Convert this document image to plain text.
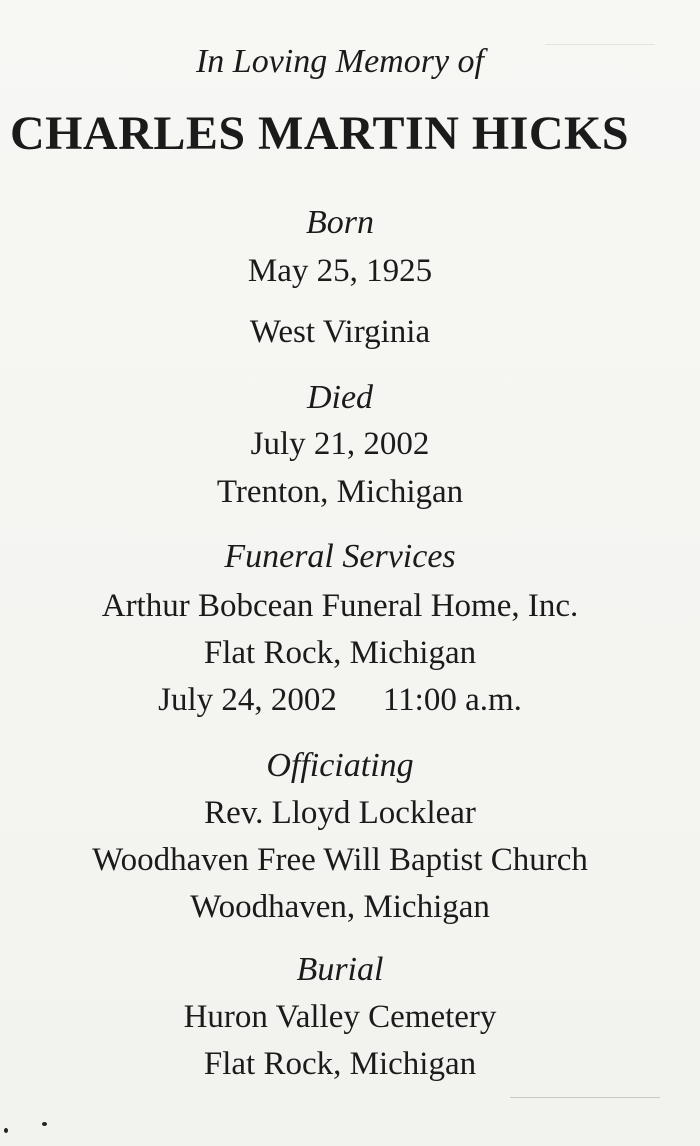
In Loving Memory of
CHARLES MARTIN HICKS
Born
May 25, 1925
West Virginia
Died
July 21, 2002
Trenton, Michigan
Funeral Services
Arthur Bobcean Funeral Home, Inc.
Flat Rock, Michigan
July 24, 2002 11:00 a.m.
Officiating
Rev. Lloyd Locklear
Woodhaven Free Will Baptist Church
Woodhaven, Michigan
Burial
Huron Valley Cemetery
Flat Rock, Michigan
